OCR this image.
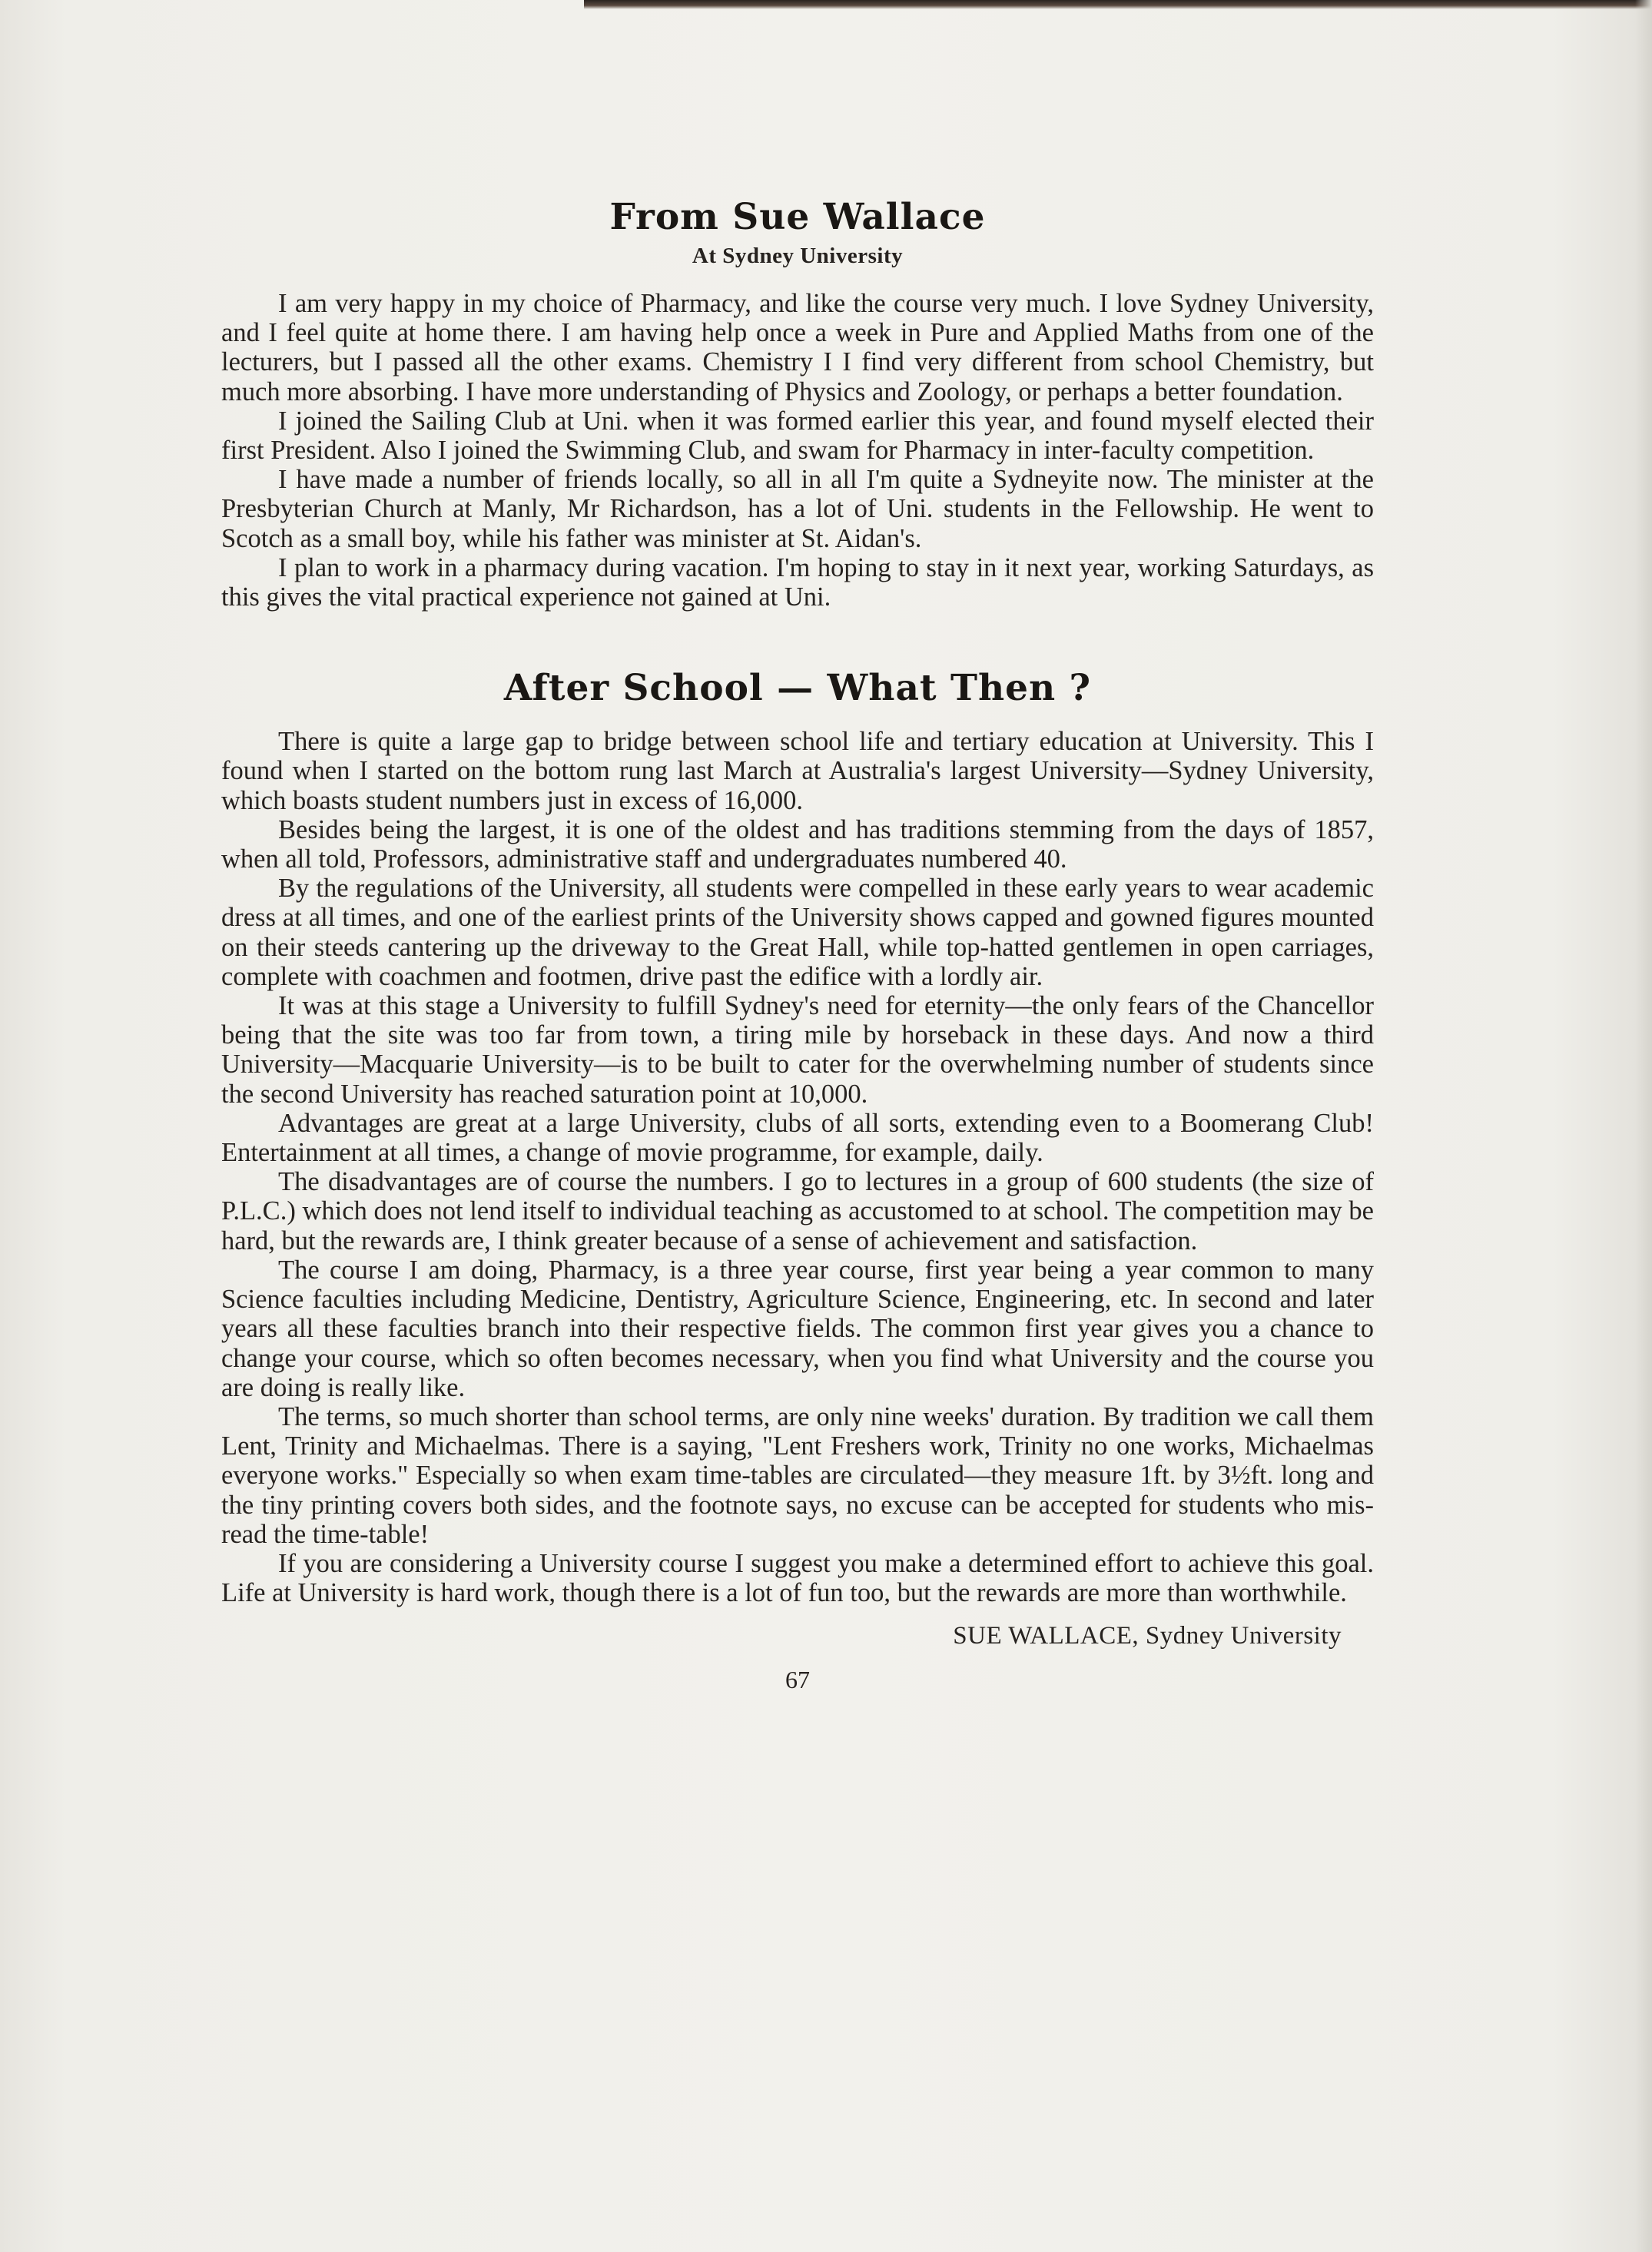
From Sue Wallace
At Sydney University

I am very happy in my choice of Pharmacy, and like the course very much. I love Sydney University, and I feel quite at home there. I am having help once a week in Pure and Applied Maths from one of the lecturers, but I passed all the other exams. Chemistry I I find very different from school Chemistry, but much more absorbing. I have more understanding of Physics and Zoology, or perhaps a better foundation.

I joined the Sailing Club at Uni. when it was formed earlier this year, and found myself elected their first President. Also I joined the Swimming Club, and swam for Pharmacy in inter-faculty competition.

I have made a number of friends locally, so all in all I'm quite a Sydneyite now. The minister at the Presbyterian Church at Manly, Mr Richardson, has a lot of Uni. students in the Fellowship. He went to Scotch as a small boy, while his father was minister at St. Aidan's.

I plan to work in a pharmacy during vacation. I'm hoping to stay in it next year, working Saturdays, as this gives the vital practical experience not gained at Uni.

After School — What Then ?

There is quite a large gap to bridge between school life and tertiary education at University. This I found when I started on the bottom rung last March at Australia's largest University—Sydney University, which boasts student numbers just in excess of 16,000.

Besides being the largest, it is one of the oldest and has traditions stemming from the days of 1857, when all told, Professors, administrative staff and undergraduates numbered 40.

By the regulations of the University, all students were compelled in these early years to wear academic dress at all times, and one of the earliest prints of the University shows capped and gowned figures mounted on their steeds cantering up the driveway to the Great Hall, while top-hatted gentlemen in open carriages, complete with coachmen and footmen, drive past the edifice with a lordly air.

It was at this stage a University to fulfill Sydney's need for eternity—the only fears of the Chancellor being that the site was too far from town, a tiring mile by horseback in these days. And now a third University—Macquarie University—is to be built to cater for the overwhelming number of students since the second University has reached saturation point at 10,000.

Advantages are great at a large University, clubs of all sorts, extending even to a Boomerang Club! Entertainment at all times, a change of movie programme, for example, daily.

The disadvantages are of course the numbers. I go to lectures in a group of 600 students (the size of P.L.C.) which does not lend itself to individual teaching as accustomed to at school. The competition may be hard, but the rewards are, I think greater because of a sense of achievement and satisfaction.

The course I am doing, Pharmacy, is a three year course, first year being a year common to many Science faculties including Medicine, Dentistry, Agriculture Science, Engineering, etc. In second and later years all these faculties branch into their respective fields. The common first year gives you a chance to change your course, which so often becomes necessary, when you find what University and the course you are doing is really like.

The terms, so much shorter than school terms, are only nine weeks' duration. By tradition we call them Lent, Trinity and Michaelmas. There is a saying, "Lent Freshers work, Trinity no one works, Michaelmas everyone works." Especially so when exam time-tables are circulated—they measure 1ft. by 3½ft. long and the tiny printing covers both sides, and the footnote says, no excuse can be accepted for students who mis-read the time-table!

If you are considering a University course I suggest you make a determined effort to achieve this goal. Life at University is hard work, though there is a lot of fun too, but the rewards are more than worthwhile.

SUE WALLACE, Sydney University
67
